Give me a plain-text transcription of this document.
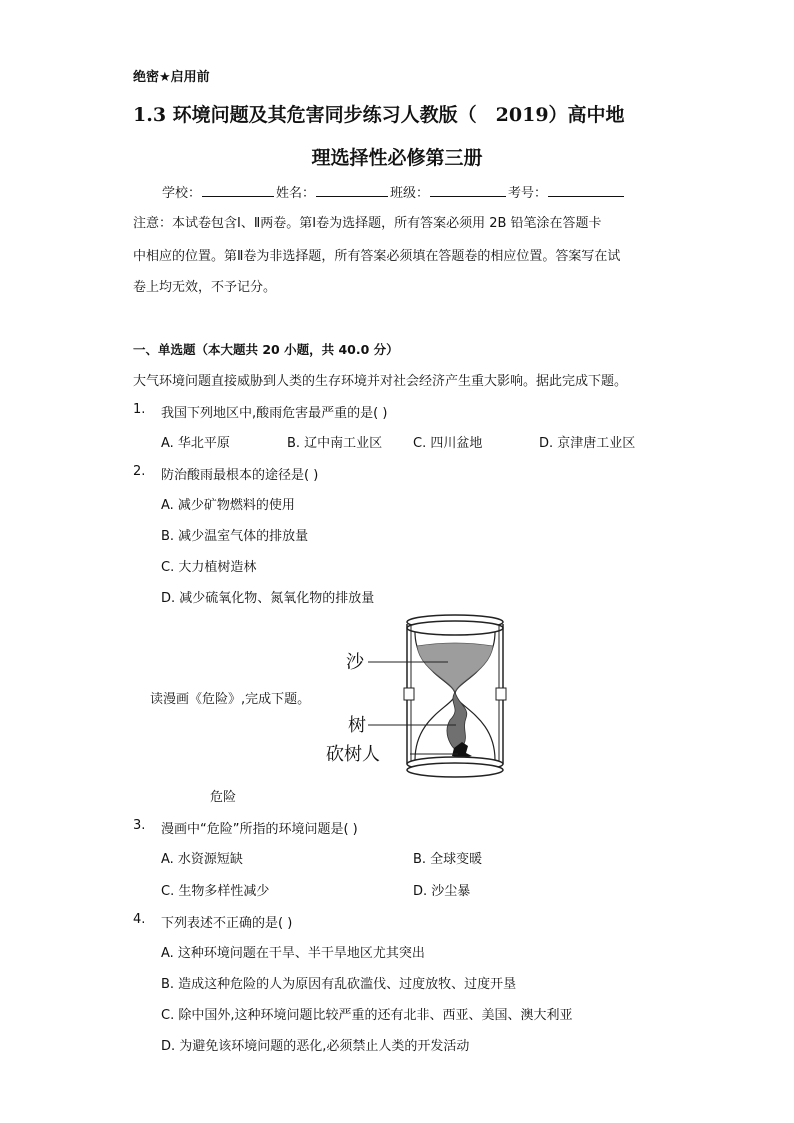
绝密★启用前
1.3 环境问题及其危害同步练习人教版（　2019）高中地
理选择性必修第三册
学校：	姓名：	班级：	考号：
注意：本试卷包含Ⅰ、Ⅱ两卷。第Ⅰ卷为选择题，所有答案必须用 2B 铅笔涂在答题卡
中相应的位置。第Ⅱ卷为非选择题，所有答案必须填在答题卷的相应位置。答案写在试
卷上均无效，不予记分。
一、单选题（本大题共 20 小题，共 40.0 分）
大气环境问题直接威胁到人类的生存环境并对社会经济产生重大影响。据此完成下题。
1. 我国下列地区中,酸雨危害最严重的是( )
A. 华北平原	B. 辽中南工业区 C. 四川盆地	D. 京津唐工业区
2. 防治酸雨最根本的途径是( )
A. 减少矿物燃料的使用
B. 减少温室气体的排放量
C. 大力植树造林
D. 减少硫氧化物、氮氧化物的排放量
读漫画《危险》,完成下题。
沙
树
砍树人
危险
3. 漫画中“危险”所指的环境问题是( )
A. 水资源短缺	B. 全球变暖
C. 生物多样性减少	D. 沙尘暴
4. 下列表述不正确的是( )
A. 这种环境问题在干旱、半干旱地区尤其突出
B. 造成这种危险的人为原因有乱砍滥伐、过度放牧、过度开垦
C. 除中国外,这种环境问题比较严重的还有北非、西亚、美国、澳大利亚
D. 为避免该环境问题的恶化,必须禁止人类的开发活动
